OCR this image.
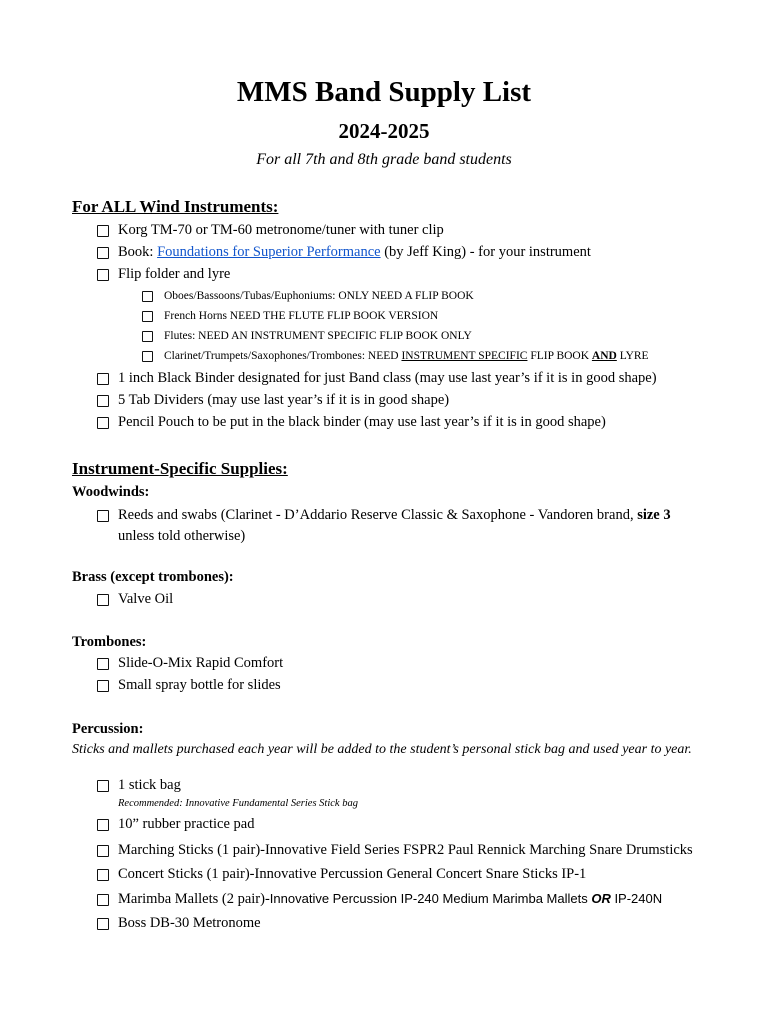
MMS Band Supply List
2024-2025
For all 7th and 8th grade band students
For ALL Wind Instruments:
Korg TM-70 or TM-60 metronome/tuner with tuner clip
Book: Foundations for Superior Performance (by Jeff King) - for your instrument
Flip folder and lyre
Oboes/Bassoons/Tubas/Euphoniums: ONLY NEED A FLIP BOOK
French Horns NEED THE FLUTE FLIP BOOK VERSION
Flutes: NEED AN INSTRUMENT SPECIFIC FLIP BOOK ONLY
Clarinet/Trumpets/Saxophones/Trombones: NEED INSTRUMENT SPECIFIC FLIP BOOK AND LYRE
1 inch Black Binder designated for just Band class (may use last year’s if it is in good shape)
5 Tab Dividers (may use last year’s if it is in good shape)
Pencil Pouch to be put in the black binder (may use last year’s if it is in good shape)
Instrument-Specific Supplies:
Woodwinds:
Reeds and swabs (Clarinet - D’Addario Reserve Classic & Saxophone - Vandoren brand, size 3 unless told otherwise)
Brass (except trombones):
Valve Oil
Trombones:
Slide-O-Mix Rapid Comfort
Small spray bottle for slides
Percussion:
Sticks and mallets purchased each year will be added to the student’s personal stick bag and used year to year.
1 stick bag
Recommended: Innovative Fundamental Series Stick bag
10” rubber practice pad
Marching Sticks (1 pair)-Innovative Field Series FSPR2 Paul Rennick Marching Snare Drumsticks
Concert Sticks (1 pair)-Innovative Percussion General Concert Snare Sticks IP-1
Marimba Mallets (2 pair)-Innovative Percussion IP-240 Medium Marimba Mallets OR IP-240N
Boss DB-30 Metronome
